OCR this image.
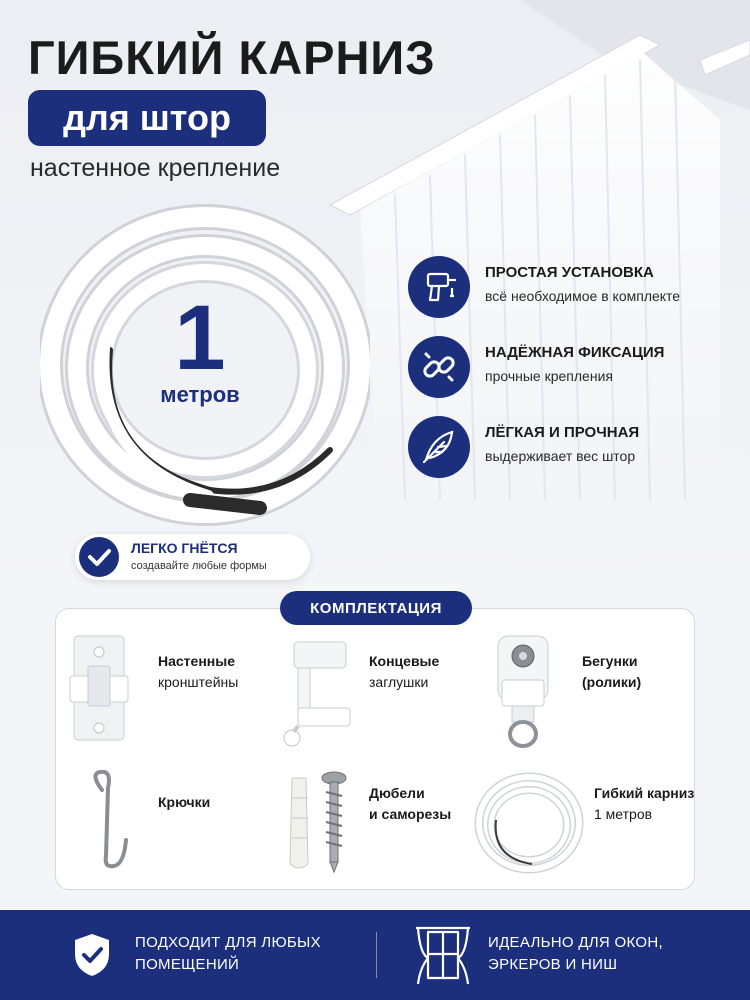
ГИБКИЙ КАРНИЗ
для штор
настенное крепление
1
метров
ЛЕГКО ГНЁТСЯ
создавайте любые формы
ПРОСТАЯ УСТАНОВКА
всё необходимое в комплекте
НАДЁЖНАЯ ФИКСАЦИЯ
прочные крепления
ЛЁГКАЯ И ПРОЧНАЯ
выдерживает вес штор
КОМПЛЕКТАЦИЯ
Настенные
кронштейны
Концевые
заглушки
Бегунки
(ролики)
Крючки
Дюбели
и саморезы
Гибкий карниз
1 метров
ПОДХОДИТ ДЛЯ ЛЮБЫХ
ПОМЕЩЕНИЙ
ИДЕАЛЬНО ДЛЯ ОКОН,
ЭРКЕРОВ И НИШ
